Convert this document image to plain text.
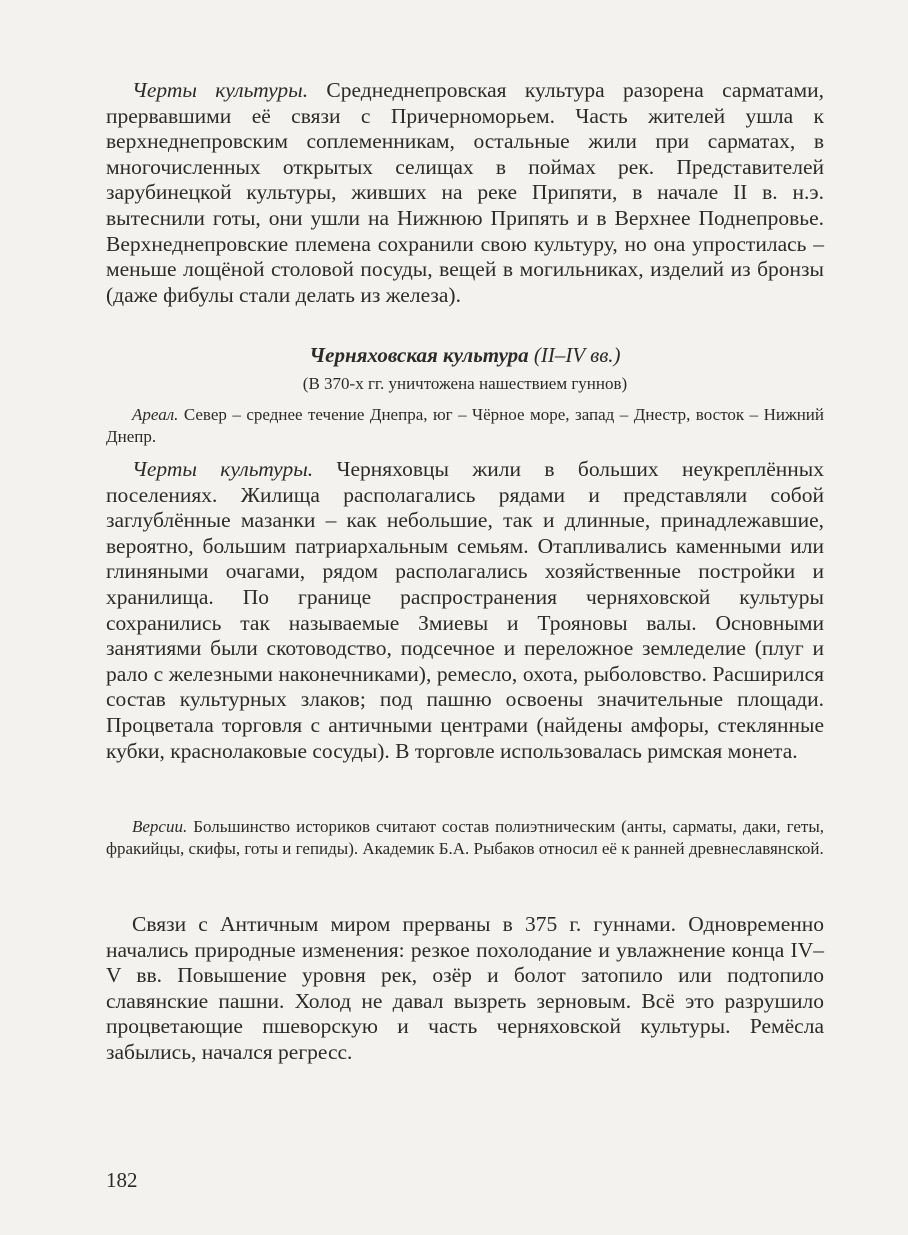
Черты культуры. Среднеднепровская культура разорена сарматами, прервавшими её связи с Причерноморьем. Часть жителей ушла к верхнеднепровским соплеменникам, остальные жили при сарматах, в многочисленных открытых селищах в поймах рек. Представителей зарубинецкой культуры, живших на реке Припяти, в начале II в. н.э. вытеснили готы, они ушли на Нижнюю Припять и в Верхнее Поднепровье. Верхнеднепровские племена сохранили свою культуру, но она упростилась – меньше лощёной столовой посуды, вещей в могильниках, изделий из бронзы (даже фибулы стали делать из железа).

Черняховская культура (II–IV вв.)
(В 370-х гг. уничтожена нашествием гуннов)

Ареал. Север – среднее течение Днепра, юг – Чёрное море, запад – Днестр, восток – Нижний Днепр.

Черты культуры. Черняховцы жили в больших неукреплённых поселениях. Жилища располагались рядами и представляли собой заглублённые мазанки – как небольшие, так и длинные, принадлежавшие, вероятно, большим патриархальным семьям. Отапливались каменными или глиняными очагами, рядом располагались хозяйственные постройки и хранилища. По границе распространения черняховской культуры сохранились так называемые Змиевы и Трояновы валы. Основными занятиями были скотоводство, подсечное и переложное земледелие (плуг и рало с железными наконечниками), ремесло, охота, рыболовство. Расширился состав культурных злаков; под пашню освоены значительные площади. Процветала торговля с античными центрами (найдены амфоры, стеклянные кубки, краснолаковые сосуды). В торговле использовалась римская монета.

Версии. Большинство историков считают состав полиэтническим (анты, сарматы, даки, геты, фракийцы, скифы, готы и гепиды). Академик Б.А. Рыбаков относил её к ранней древнеславянской.

Связи с Античным миром прерваны в 375 г. гуннами. Одновременно начались природные изменения: резкое похолодание и увлажнение конца IV–V вв. Повышение уровня рек, озёр и болот затопило или подтопило славянские пашни. Холод не давал вызреть зерновым. Всё это разрушило процветающие пшеворскую и часть черняховской культуры. Ремёсла забылись, начался регресс.

182
